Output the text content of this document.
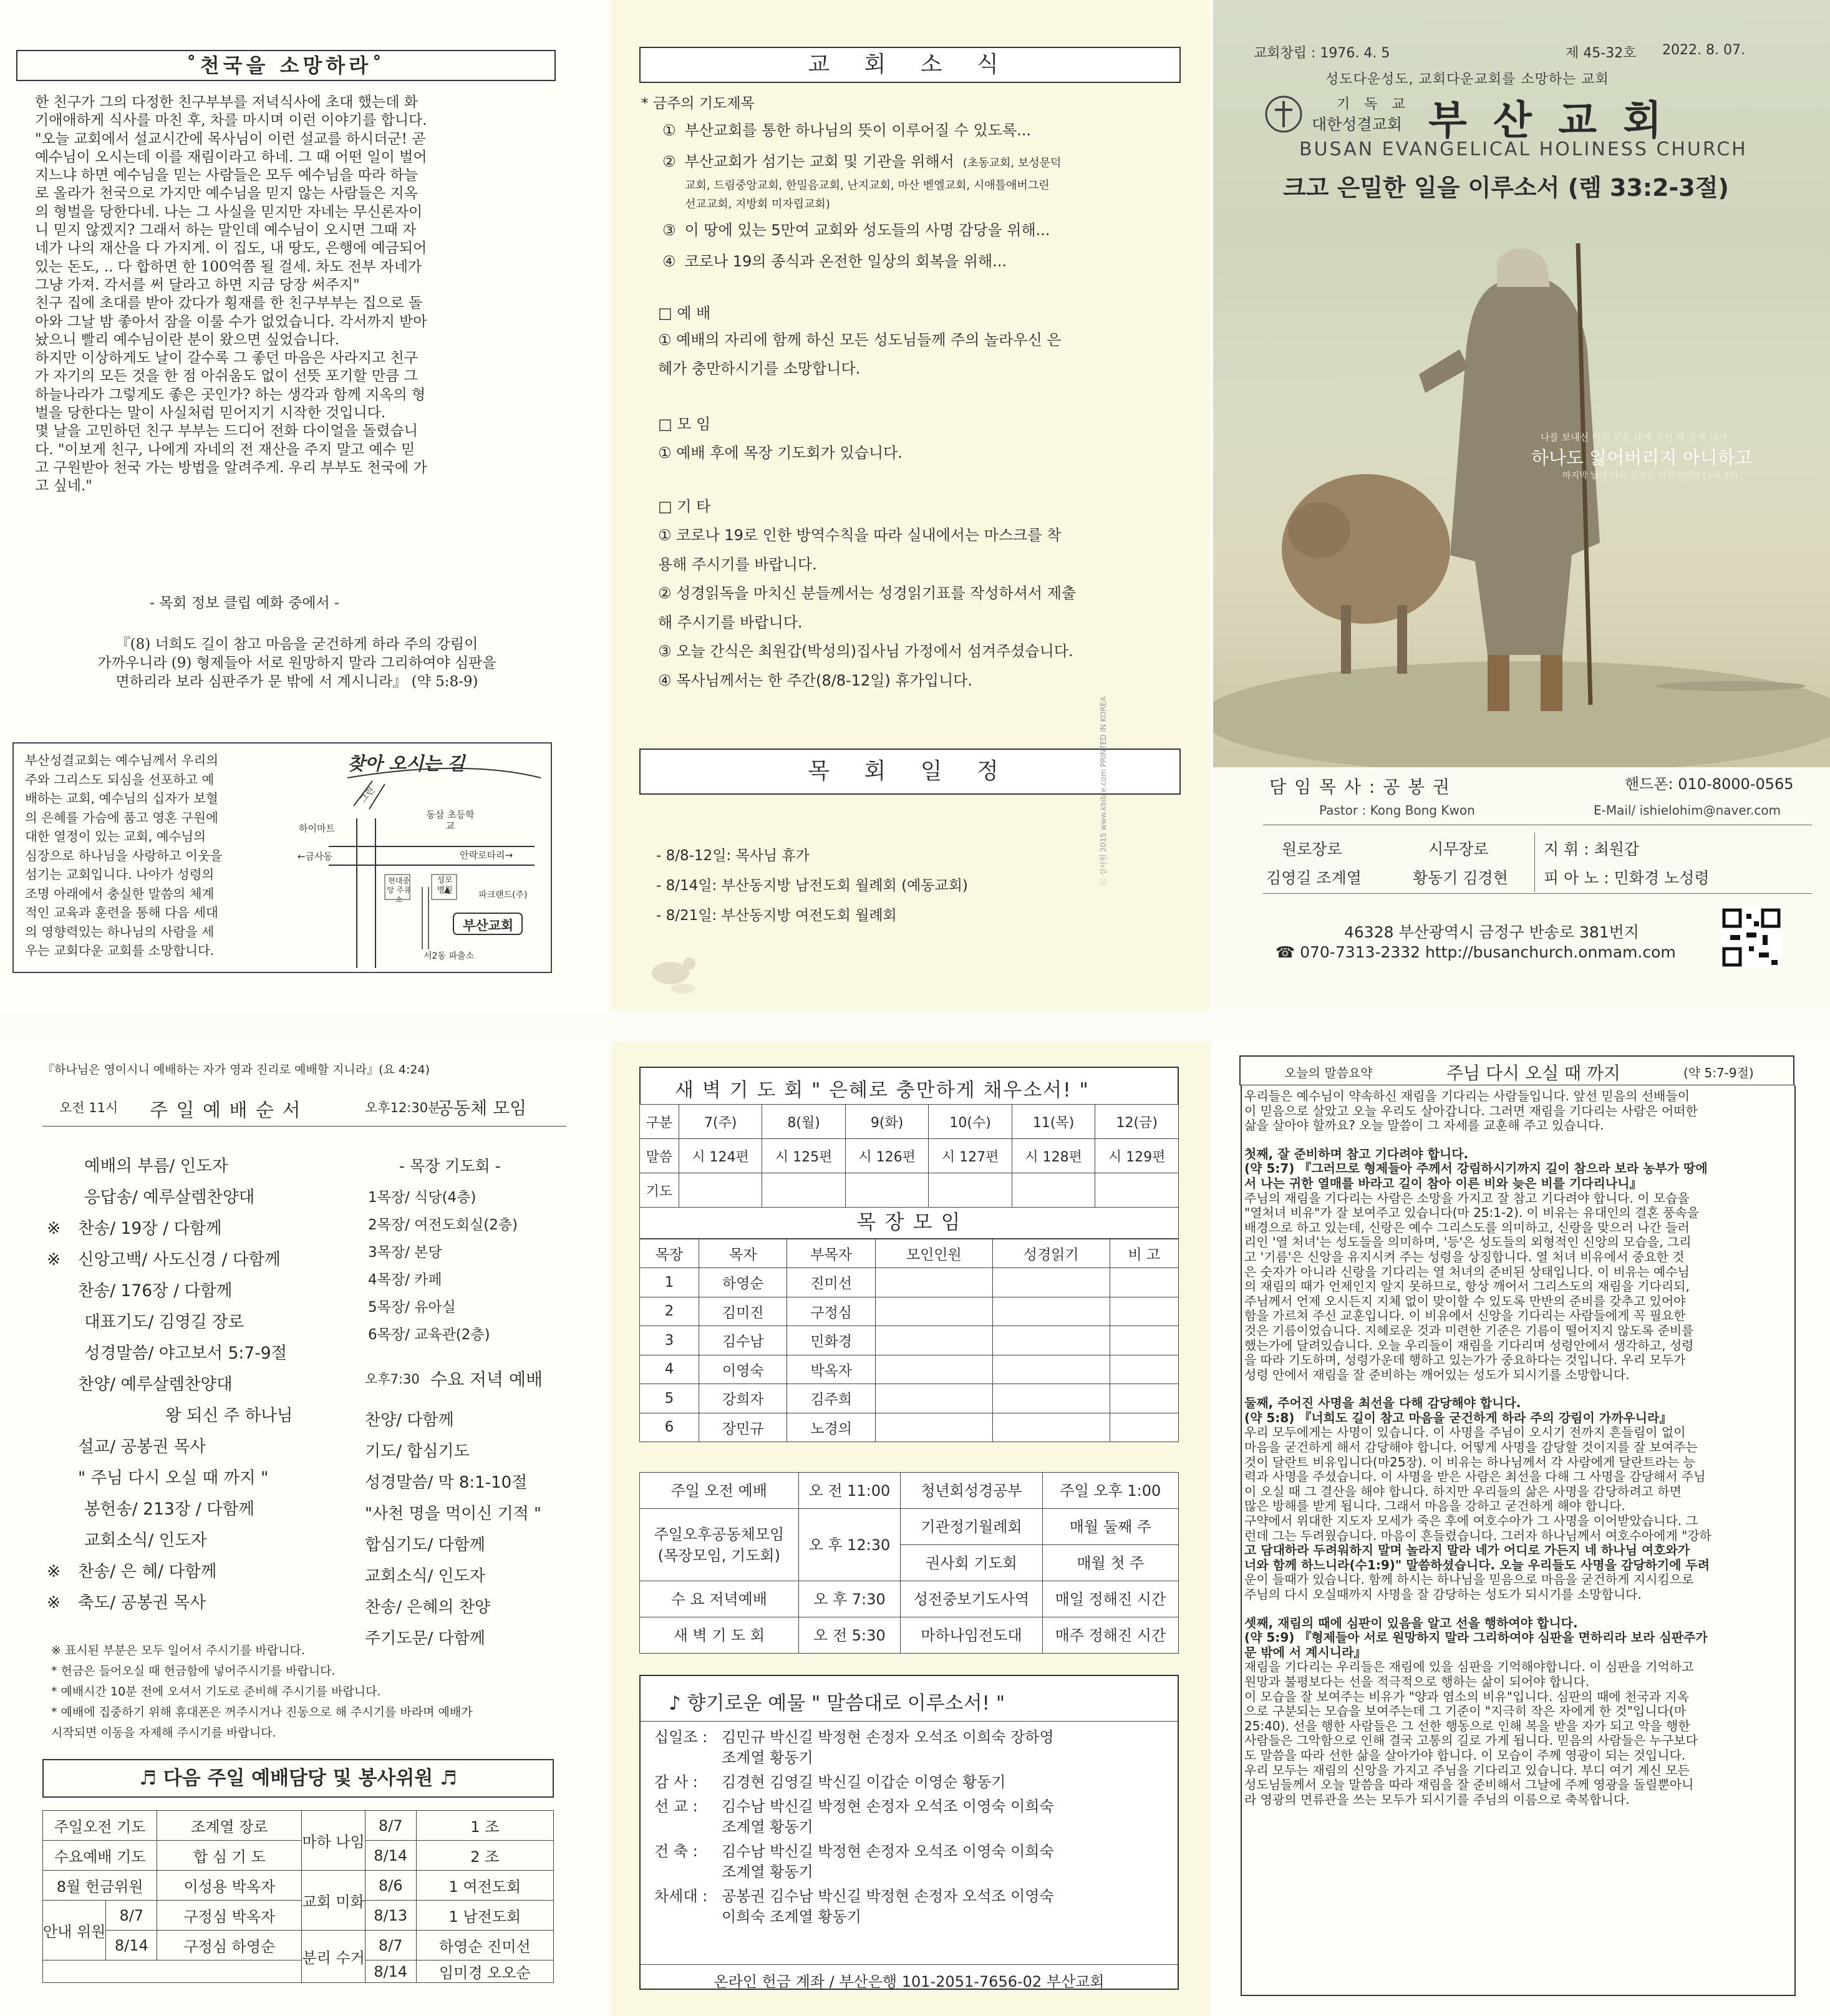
˚천국을 소망하라˚
한 친구가 그의 다정한 친구부부를 저녁식사에 초대 했는데 화
기애애하게 식사를 마친 후, 차를 마시며 이런 이야기를 합니다.
"오늘 교회에서 설교시간에 목사님이 이런 설교를 하시더군! 곧
예수님이 오시는데 이를 재림이라고 하네. 그 때 어떤 일이 벌어
지느냐 하면 예수님을 믿는 사람들은 모두 예수님을 따라 하늘
로 올라가 천국으로 가지만 예수님을 믿지 않는 사람들은 지옥
의 형벌을 당한다네. 나는 그 사실을 믿지만 자네는 무신론자이
니 믿지 않겠지? 그래서 하는 말인데 예수님이 오시면 그때 자
네가 나의 재산을 다 가지게. 이 집도, 내 땅도, 은행에 예금되어
있는 돈도, .. 다 합하면 한 100억쯤 될 걸세. 차도 전부 자네가
그냥 가져. 각서를 써 달라고 하면 지금 당장 써주지"
친구 집에 초대를 받아 갔다가 횡재를 한 친구부부는 집으로 돌
아와 그날 밤 좋아서 잠을 이룰 수가 없었습니다. 각서까지 받아
놨으니 빨리 예수님이란 분이 왔으면 싶었습니다.
하지만 이상하게도 날이 갈수록 그 좋던 마음은 사라지고 친구
가 자기의 모든 것을 한 점 아쉬움도 없이 선뜻 포기할 만큼 그
하늘나라가 그렇게도 좋은 곳인가? 하는 생각과 함께 지옥의 형
벌을 당한다는 말이 사실처럼 믿어지기 시작한 것입니다.
몇 날을 고민하던 친구 부부는 드디어 전화 다이얼을 돌렸습니
다. "이보게 친구, 나에게 자네의 전 재산을 주지 말고 예수 믿
고 구원받아 천국 가는 방법을 알려주게. 우리 부부도 천국에 가
고 싶네."
- 목회 정보 클립 예화 중에서 -
『(8) 너희도 길이 참고 마음을 굳건하게 하라 주의 강림이
가까우니라 (9) 형제들아 서로 원망하지 말라 그리하여야 심판을
면하리라 보라 심판주가 문 밖에 서 계시니라』 (약 5:8-9)
부산성결교회는 예수님께서 우리의
주와 그리스도 되심을 선포하고 예
배하는 교회, 예수님의 십자가 보혈
의 은혜를 가슴에 품고 영혼 구원에
대한 열정이 있는 교회, 예수님의
심장으로 하나님을 사랑하고 이웃을
섬기는 교회입니다. 나아가 성령의
조명 아래에서 충실한 말씀의 체계
적인 교육과 훈련을 통해 다음 세대
의 영향력있는 하나님의 사람을 세
우는 교회다운 교회를 소망합니다.
찾아 오시는 길
그린
하이마트
동삼 초등학교
←금사동	안락로타리→
현대중앙 주유소
성모 병원	파크랜드(주)
부산교회
서2동 파출소
교 회 소 식
* 금주의 기도제목
① 부산교회를 통한 하나님의 뜻이 이루어질 수 있도록...
② 부산교회가 섬기는 교회 및 기관을 위해서 (초동교회, 보성문덕
교회, 드림중앙교회, 한밀음교회, 난지교회, 마산 벧엘교회, 시애틀애버그린
선교교회, 지방회 미자립교회)
③ 이 땅에 있는 5만여 교회와 성도들의 사명 감당을 위해...
④ 코로나 19의 종식과 온전한 일상의 회복을 위해...
□ 예 배
① 예배의 자리에 함께 하신 모든 성도님들께 주의 놀라우신 은
혜가 충만하시기를 소망합니다.
□ 모 임
① 예배 후에 목장 기도회가 있습니다.
□ 기 타
① 코로나 19로 인한 방역수칙을 따라 실내에서는 마스크를 착
용해 주시기를 바랍니다.
② 성경읽독을 마치신 분들께서는 성경읽기표를 작성하셔서 제출
해 주시기를 바랍니다.
③ 오늘 간식은 최원갑(박성의)집사님 가정에서 섬겨주셨습니다.
④ 목사님께서는 한 주간(8/8-12일) 휴가입니다.
목 회 일 정
- 8/8-12일: 목사님 휴가
- 8/14일: 부산동지방 남전도회 월례회 (예동교회)
- 8/21일: 부산동지방 여전도회 월례회
ⓒ 성서원 2015 www.kbible.com PRINTED IN KOREA
교회창립 : 1976. 4. 5	제 45-32호 2022. 8. 07.
성도다운성도, 교회다운교회를 소망하는 교회
기 독 교
대한성결교회 부 산 교 회
BUSAN EVANGELICAL HOLINESS CHURCH
크고 은밀한 일을 이루소서 (렘 33:2-3절)
나를 보내신 이의 뜻은 내게 주신 자 중에 내가
하나도 잃어버리지 아니하고
마지막 날에 다시 살리는 이것이니라 (요6:39)
담 임 목 사 : 공 봉 권	핸드폰: 010-8000-0565
Pastor : Kong Bong Kwon	E-Mail/ ishielohim@naver.com
원로장로
김영길 조계열
시무장로
황동기 김경현
지 휘 : 최원갑
피 아 노 : 민화경 노성령
46328 부산광역시 금정구 반송로 381번지
☎ 070-7313-2332 http://busanchurch.onmam.com
『하나님은 영이시니 예배하는 자가 영과 진리로 예배할 지니라』(요 4:24)
오전 11시 주 일 예 배 순 서	오후12:30분
공동체 모임
예배의 부름/ 인도자
응답송/ 예루살렘찬양대
※	찬송/ 19장 / 다함께
※	신앙고백/ 사도신경 / 다함께
찬송/ 176장 / 다함께
대표기도/ 김영길 장로
성경말씀/ 야고보서 5:7-9절
찬양/ 예루살렘찬양대
왕 되신 주 하나님
설교/ 공봉권 목사
" 주님 다시 오실 때 까지 "
봉헌송/ 213장 / 다함께
교회소식/ 인도자
※	찬송/ 은 혜/ 다함께
※	축도/ 공봉권 목사
- 목장 기도회 -
1목장/ 식당(4층)
2목장/ 여전도회실(2층)
3목장/ 본당
4목장/ 카페
5목장/ 유아실
6목장/ 교육관(2층)
오후7:30 수요 저녁 예배
찬양/ 다함께
기도/ 합심기도
성경말씀/ 막 8:1-10절
"사천 명을 먹이신 기적 "
합심기도/ 다함께
교회소식/ 인도자
찬송/ 은혜의 찬양
주기도문/ 다함께
※ 표시된 부분은 모두 일어서 주시기를 바랍니다.
* 헌금은 들어오실 때 헌금함에 넣어주시기를 바랍니다.
* 예배시간 10분 전에 오셔서 기도로 준비해 주시기를 바랍니다.
* 예배에 집중하기 위해 휴대폰은 꺼주시거나 진동으로 해 주시기를 바라며 예배가
시작되면 이동을 자제해 주시기를 바랍니다.
♬ 다음 주일 예배담당 및 봉사위원 ♬
주일오전 기도		조계열 장로	마하 나임	8/7	1 조
수요예배 기도		합 심 기 도		8/14	2 조
8월 헌금위원		이성용 박옥자	교회 미화	8/6	1 여전도회
안내 위원	8/7	구정심 박옥자		8/13	1 남전도회
	8/14	구정심 하영순	분리 수거	8/7	하영순 진미선
				8/14	임미경 오오순
새 벽 기 도 회 " 은혜로 충만하게 채우소서! "
구분	7(주)	8(월)	9(화)	10(수)	11(목)	12(금)
말씀	시 124편	시 125편	시 126편	시 127편	시 128편	시 129편
기도						
목 장 모 임
목장	목자	부목자	모인인원	성경읽기	비 고
1	하영순	진미선			
2	김미진	구정심			
3	김수남	민화경			
4	이영숙	박옥자			
5	강희자	김주희			
6	장민규	노경의			
주일 오전 예배	오 전 11:00	청년회성경공부	주일 오후 1:00
주일오후공동체모임
(목장모임, 기도회)	오 후 12:30	기관정기월례회	매월 둘째 주
		권사회 기도회	매월 첫 주
수 요 저녁예배	오 후 7:30	성전중보기도사역	매일 정해진 시간
새 벽 기 도 회	오 전 5:30	마하나임전도대	매주 정해진 시간
♪ 향기로운 예물 " 말씀대로 이루소서! "
십일조 : 김민규 박신길 박정현 손정자 오석조 이희숙 장하영
조계열 황동기
감 사 :	김경현 김영길 박신길 이갑순 이영순 황동기
선 교 :	김수남 박신길 박정현 손정자 오석조 이영숙 이희숙
조계열 황동기
건 축 :	김수남 박신길 박정현 손정자 오석조 이영숙 이희숙
조계열 황동기
차세대 : 공봉권 김수남 박신길 박정현 손정자 오석조 이영숙
이희숙 조계열 황동기
온라인 헌금 계좌 / 부산은행 101-2051-7656-02 부산교회
오늘의 말씀요약	주님 다시 오실 때 까지	(약 5:7-9절)
우리들은 예수님이 약속하신 재림을 기다리는 사람들입니다. 앞선 믿음의 선배들이
이 믿음으로 살았고 오늘 우리도 살아갑니다. 그러면 재림을 기다리는 사람은 어떠한
삶을 살아야 할까요? 오늘 말씀이 그 자세를 교훈해 주고 있습니다.
첫째, 잘 준비하며 참고 기다려야 합니다.
(약 5:7) 『그러므로 형제들아 주께서 강림하시기까지 길이 참으라 보라 농부가 땅에
서 나는 귀한 열매를 바라고 길이 참아 이른 비와 늦은 비를 기다리나니』
주님의 재림을 기다리는 사람은 소망을 가지고 잘 참고 기다려야 합니다. 이 모습을
"열처녀 비유"가 잘 보여주고 있습니다(마 25:1-2). 이 비유는 유대인의 결혼 풍속을
배경으로 하고 있는데, 신랑은 예수 그리스도를 의미하고, 신랑을 맞으러 나간 들러
리인 '열 처녀'는 성도들을 의미하며, '등'은 성도들의 외형적인 신앙의 모습을, 그리
고 '기름'은 신앙을 유지시켜 주는 성령을 상징합니다. 열 처녀 비유에서 중요한 것
은 숫자가 아니라 신랑을 기다리는 열 처녀의 준비된 상태입니다. 이 비유는 예수님
의 재림의 때가 언제인지 알지 못하므로, 항상 깨어서 그리스도의 재림을 기다리되,
주님께서 언제 오시든지 지체 없이 맞이할 수 있도록 만반의 준비를 갖추고 있어야
함을 가르쳐 주신 교훈입니다. 이 비유에서 신앙을 기다리는 사람들에게 꼭 필요한
것은 기름이었습니다. 지혜로운 것과 미련한 기준은 기름이 떨어지지 않도록 준비를
했는가에 달려있습니다. 오늘 우리들이 재림을 기다리며 성령안에서 생각하고, 성령
을 따라 기도하며, 성령가운데 행하고 있는가가 중요하다는 것입니다. 우리 모두가
성령 안에서 재림을 잘 준비하는 깨어있는 성도가 되시기를 소망합니다.
둘째, 주어진 사명을 최선을 다해 감당해야 합니다.
(약 5:8) 『너희도 길이 참고 마음을 굳건하게 하라 주의 강림이 가까우니라』
우리 모두에게는 사명이 있습니다. 이 사명을 주님이 오시기 전까지 흔들림이 없이
마음을 굳건하게 해서 감당해야 합니다. 어떻게 사명을 감당할 것이지를 잘 보여주는
것이 달란트 비유입니다(마25장). 이 비유는 하나님께서 각 사람에게 달란트라는 능
력과 사명을 주셨습니다. 이 사명을 받은 사람은 최선을 다해 그 사명을 감당해서 주님
이 오실 때 그 결산을 해야 합니다. 하지만 우리들의 삶은 사명을 감당하려고 하면
많은 방해를 받게 됩니다. 그래서 마음을 강하고 굳건하게 해야 합니다.
구약에서 위대한 지도자 모세가 죽은 후에 여호수아가 그 사명을 이어받았습니다. 그
런데 그는 두려웠습니다. 마음이 흔들렸습니다. 그러자 하나님께서 여호수아에게 "강하
고 담대하라 두려워하지 말며 놀라지 말라 네가 어디로 가든지 네 하나님 여호와가
너와 함께 하느니라(수1:9)" 말씀하셨습니다. 오늘 우리들도 사명을 감당하기에 두려
운이 들때가 있습니다. 함께 하시는 하나님을 믿음으로 마음을 굳건하게 지시킴으로
주님의 다시 오실때까지 사명을 잘 감당하는 성도가 되시기를 소망합니다.
셋째, 재림의 때에 심판이 있음을 알고 선을 행하여야 합니다.
(약 5:9) 『형제들아 서로 원망하지 말라 그리하여야 심판을 면하리라 보라 심판주가
문 밖에 서 계시니라』
재림을 기다리는 우리들은 재림에 있을 심판을 기억해야합니다. 이 심판을 기억하고
원망과 불평보다는 선을 적극적으로 행하는 삶이 되어야 합니다.
이 모습을 잘 보여주는 비유가 "양과 염소의 비유"입니다. 심판의 때에 천국과 지옥
으로 구분되는 모습을 보여주는데 그 기준이 "지극히 작은 자에게 한 것"입니다(마
25:40). 선을 행한 사람들은 그 선한 행동으로 인해 복을 받을 자가 되고 악을 행한
사람들은 그악함으로 인해 결국 고통의 길로 가게 됩니다. 믿음의 사람들은 누구보다
도 말씀을 따라 선한 삶을 살아가야 합니다. 이 모습이 주께 영광이 되는 것입니다.
우리 모두는 재림의 신앙을 가지고 주님을 기다리고 있습니다. 부디 여기 계신 모든
성도님들께서 오늘 말씀을 따라 재림을 잘 준비해서 그날에 주께 영광을 돌릴뿐아니
라 영광의 면류관을 쓰는 모두가 되시기를 주님의 이름으로 축복합니다.
